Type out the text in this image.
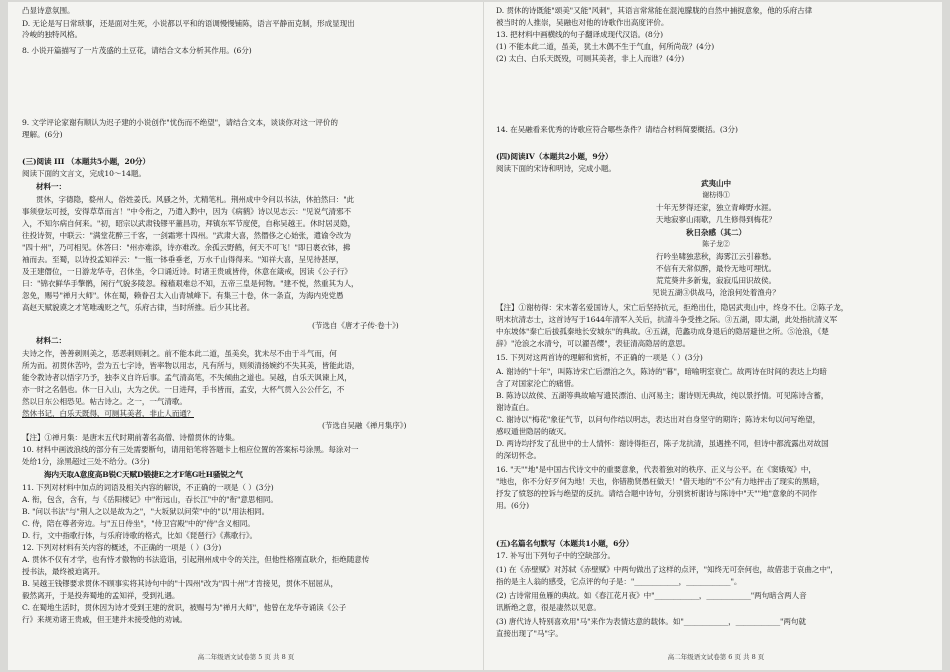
凸显诗意氛围。
D. 无论是写日常琐事，还是面对生死，小说都以平和的语调慢慢铺陈，语言平静而克制，形成显现出
冷峻的独特风格。
8. 小说开篇描写了一片茂盛的土豆花，请结合文本分析其作用。(6分)
9. 文学评论家谢有顺认为迟子建的小说创作"忧伤而不绝望"，请结合文本，谈谈你对这一评价的
理解。(6分)
(三)阅读 III （本题共5小题，20分）
阅读下面的文言文，完成10～14题。
材料一：
贯休，字德隐，婺州人，俗姓姜氏。风骚之外，尤精笔札。荆州成中令问以书法，休拍然曰："此
事须登坛可授，安得草草而言！"中令衔之，乃遣入黔中，因为《病鹤》诗以见志云："见说气清邪不
入，不知尔病自何来。"初，昭宗以武肃钱镠平董昌功，拜镇东军节度使，自称吴越王。休时居灵隐，
往投诗贺，中联云："满堂花醉三千客，一剑霜寒十四州。"武肃大喜，然僭侈之心始张，遣谕令改为
"四十州"，乃可相见。休答曰："州亦难添，诗亦难改。余孤云野鹤，何天不可飞！"即日裹衣钵，拂
袖而去。至蜀，以诗投孟知祥云："一瓶一钵垂垂老，万水千山得得来。"知祥大喜，呈见待甚厚，
及王建僭位，一日游龙华寺，召休坐，令口诵近诗。时诸王贵戚皆侍，休意在箴戒，因读《公子行》
曰："锦衣鲜华手擎鹘，闲行气貌多陵忽。稼穑艰难总不知，五帝三皇是何物。"建不悦，然重其为人，
忽免，赐号"禅月大师"。休在蜀，赖眷召太入山青城峰下。有集三十卷，休一条直，为海内兇党愚
高赵天赋貌谟之才笔唯魂贬之气，乐府古律，当时所推。后少其比者。
(节选自《唐才子传·卷十》)
材料二：
夫诗之作，善善刺则美之，恶恶刺则刺之。前不能本此二道，虽美矣，犹未尽不由于斗气而，何
所为而。初贯休苦吟，尝为五七字诗，皆率物以用志，凡有所与，则须清扬婉约不失其美，皆能此语，
能令教诗者以悟字乃予，独李义自许后事。孟气清高笔，不失倾曲之道也。吴越，自乐天讽谏上风，
亦一时之名倡也。休一日入山，大为之伏。一日进拜，手书皆而，孟安，大杯气贯入公公仟乞，不
然以日东公相恐见。帖古诗之。之一，一气清歌。
然休书记，白乐天既得，可厕其美者，非止人而通？
(节选自吴融《禅月集序》)
【注】①禅月集：是唐末五代时期前著名高僧、诗僧贯休的诗集。
10. 材料中画波浪线的部分有三处需要断句，请用铅笔将答题卡上相应位置的答案标号涂黑。每涂对一
处给1分，涂黑超过三处不给分。(3分)
海内天取A意度高B锐C天赋D锻捷E之才F笔G吐H骚锐之气
11. 下列对材料中加点的词语及相关内容的解说，不正确的一项是（ ）(3分)
A. 衔，包含，含有，与《岳阳楼记》中"衔远山，吞长江"中的"衔"意思相同。
B. "问以书法"与"荆人之以是故为之"，"大坂狱以问荣"中的"以"用法相同。
C. 侍，陪在尊者旁边。与"五日侍坐"，"侍卫宫殿"中的"侍"含义相同。
D. 行，文中指歌行体，与乐府诗歌的格式，比如《琵琶行》《燕歌行》。
12. 下列对材料有关内容的概述，不正确的一项是（ ）(3分)
A. 贯休不仅有才学，也有恃才傲物的书法造诣，引起荆州成中令的关注，但他性格刚直耿介，拒绝随意传
授书法，最终被迫离开。
B. 吴越王钱镠要求贯休不顾事实将其诗句中的"十四州"改为"四十州"才肯接见，贯休不屈屈从，
毅然离开，于是投奔蜀地的孟知祥，受到礼遇。
C. 在蜀地生活时，贯休因为诗才受到王建的赏识，被赐号为"禅月大师"，他曾在龙华寺诵读《公子
行》来规劝诸王贵戚，但王建并未接受他的劝诫。
高二年级语文试卷第 5 页 共 8 页
D. 贯休的诗既能"颂美"又能"风刺"，其语言常常能在混沌朦胧的自然中捕捉意象，他的乐府古律
被当时的人推崇，吴融也对他的诗歌作出高度评价。
13. 把材料中画横线的句子翻译成现代汉语。(8分)
(1) 不能本此二道，虽美，犹土木偶不生于气血，何所尚哉？(4分)
(2) 太白、白乐天既殁，可厕其美者，非上人而谁？(4分)
14. 在吴融看来优秀的诗歌应符合哪些条件？请结合材料简要概括。(3分)
(四)阅读IV（本题共2小题，9分）
阅读下面的宋诗和明诗，完成小题。
武夷山中
谢枋得①
十年无梦得还家，独立青峰野水涯。
天地寂寥山雨歇，几生修得到梅花？
秋日杂感（其二）
陈子龙②
行吟坐啸独悲秋，海雾江云引暮愁。
不信有天常似醉，最怜无地可埋忧。
荒荒葵井多新鬼，寂寂瓜田识故侯。
见说五湖③供战马，沧浪何处着渔舟？
【注】①谢枋得：宋末著名爱国诗人，宋亡后坚持抗元，拒绝出仕，隐居武夷山中，终身不仕。②陈子龙，
明末抗清志士，这首诗写于1644年清军入关后，抗清斗争受挫之际。③五湖，即太湖，此处指抗清义军
中东坡体"秦亡后拔孤秦地长安城东"的典故。④五湖，范蠡功成身退后的隐居避世之所。⑤沧浪，《楚
辞》"沧浪之水清兮，可以濯吾缨"，表征清高隐居的意思。
15. 下列对这两首诗的理解和赏析，不正确的一项是（ ）(3分)
A. 谢诗的"十年"，叫陈诗宋亡后漂泊之久，陈诗的"暮"，暗喻明室衰亡。故两诗在时间的表达上均暗
含了对国家沦亡的痛惜。
B. 陈诗以故侯、五湖等典故喻写遗民漂泊、山河易主；谢诗则无典故，纯以景抒情。可见陈诗含蓄，
谢诗直白。
C. 谢诗以"梅花"象征气节，以问句作结以明志，表达出对自身坚守的期许；陈诗末句以问写绝望，
感叹遁世隐居的破灭。
D. 两诗均抒发了乱世中的士人情怀：谢诗得拒召，陈子龙抗清，虽遇挫不同，但诗中都流露出对故国
的深切怀念。
16. "天""地"是中国古代诗文中的重要意象，代表着独对的秩序、正义与公平。在《窦娥冤》中，
"地也，你不分好歹何为地！天也，你错勘贤愚枉做天！"借天地的"不公"有力地抨击了现实的黑暗，
抒发了愤怒的控诉与绝望的反抗。请结合题中诗句，分别赏析谢诗与陈诗中"天""地"意象的不同作
用。(6分)
(五)名篇名句默写（本题共1小题，6分）
17. 补写出下列句子中的空缺部分。
(1) 在《赤壁赋》对苏轼《赤壁赋》中两句做出了这样的点评，"知终无可奈何也，故借悲于哀曲之中"，
指的是主人翁的感受，它点评的句子是："____________，____________"。
(2) 古诗常用鱼雁的典故。如《春江花月夜》中"____________，____________"两句暗含两人音
讯断绝之意，很是凄然以见意。
(3) 唐代诗人特别喜欢用"马"来作为表情达意的载体。如"____________，____________"两句就
直接出现了"马"字。
高二年级语文试卷第 6 页 共 8 页
